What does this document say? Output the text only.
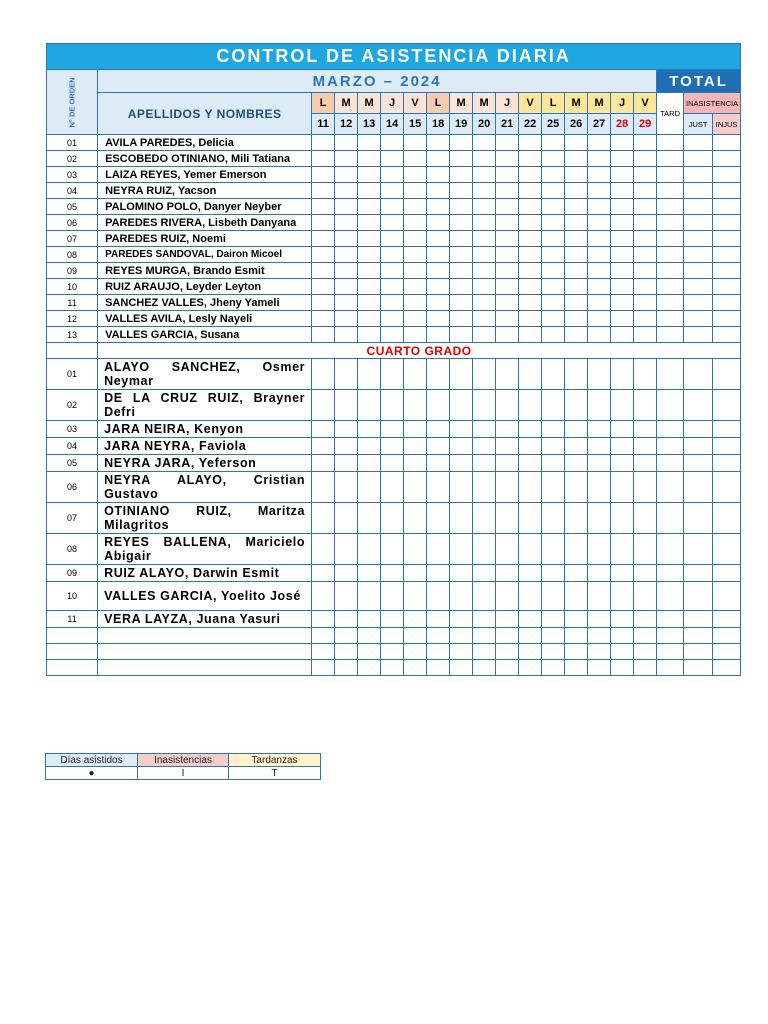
CONTROL DE ASISTENCIA DIARIA																			
N° DE ORDEN	MARZO – 2024																TOTAL		
	APELLIDOS Y NOMBRES	L	M	M	J	V	L	M	M	J	V	L	M	M	J	V	TARD	INASISTENCIA	
		11	12	13	14	15	18	19	20	21	22	25	26	27	28	29		JUST	INJUS
01	AVILA PAREDES, Delicia																		
02	ESCOBEDO OTINIANO, Mili Tatiana																		
03	LAIZA REYES, Yemer Emerson																		
04	NEYRA RUIZ, Yacson																		
05	PALOMINO POLO, Danyer Neyber																		
06	PAREDES RIVERA, Lisbeth Danyana																		
07	PAREDES RUIZ, Noemi																		
08	PAREDES SANDOVAL, Dairon Micoel																		
09	REYES MURGA, Brando Esmit																		
10	RUIZ ARAUJO, Leyder Leyton																		
11	SANCHEZ VALLES, Jheny Yameli																		
12	VALLES AVILA, Lesly Nayeli																		
13	VALLES GARCIA, Susana																		
	CUARTO GRADO																		
01	ALAYO SANCHEZ, Osmer Neymar																		
02	DE LA CRUZ RUIZ, Brayner Defri																		
03	JARA NEIRA, Kenyon																		
04	JARA NEYRA, Faviola																		
05	NEYRA JARA, Yeferson																		
06	NEYRA ALAYO, Cristian Gustavo																		
07	OTINIANO RUIZ, Maritza Milagritos																		
08	REYES BALLENA, Maricielo Abigair																		
09	RUIZ ALAYO, Darwin Esmit																		
10	VALLES GARCIA, Yoelito José																		
11	VERA LAYZA, Juana Yasuri																		

Días asistidos	Inasistencias	Tardanzas
●	I	T
